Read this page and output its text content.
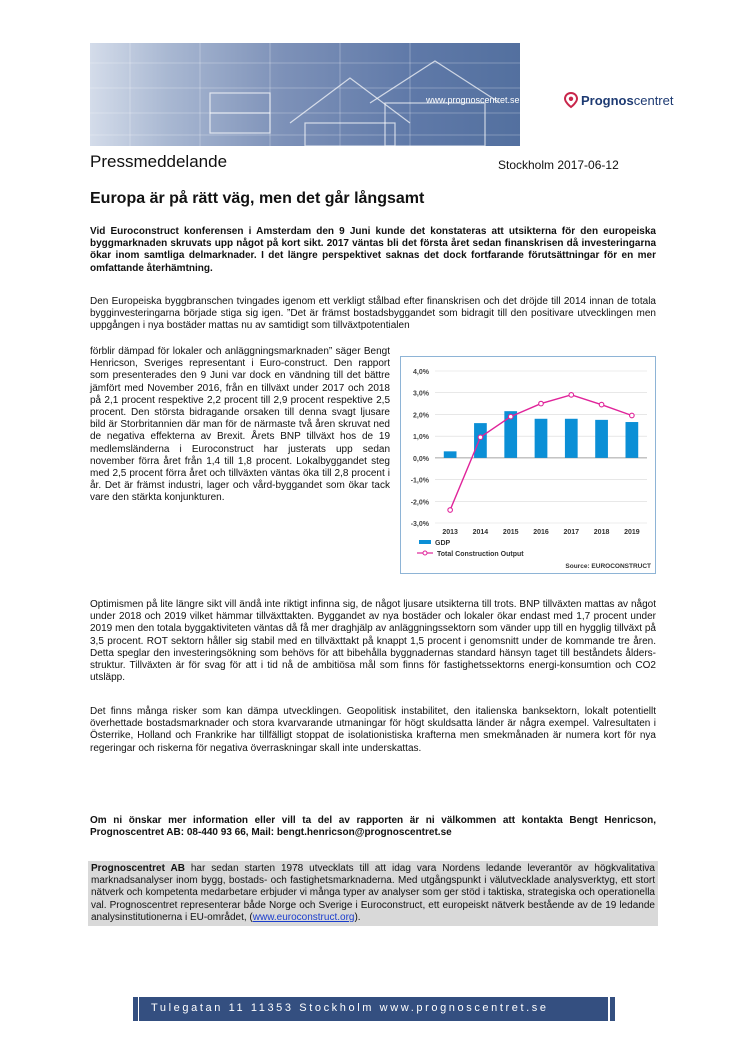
www.prognoscentret.se	Prognoscentret
Pressmeddelande	Stockholm 2017-06-12
Europa är på rätt väg, men det går långsamt

Vid Euroconstruct konferensen i Amsterdam den 9 Juni kunde det konstateras att utsikterna för den europeiska byggmarknaden skruvats upp något på kort sikt. 2017 väntas bli det första året sedan finanskrisen då investeringarna ökar inom samtliga delmarknader. I det längre perspektivet saknas det dock fortfarande förutsättningar för en mer omfattande återhämtning.

Den Europeiska byggbranschen tvingades igenom ett verkligt stålbad efter finanskrisen och det dröjde till 2014 innan de totala bygginvesteringarna började stiga sig igen. ”Det är främst bostadsbyggandet som bidragit till den positivare utvecklingen men uppgången i nya bostäder mattas nu av samtidigt som tillväxtpotentialen

förblir dämpad för lokaler och anläggningsmarknaden” säger Bengt Henricson, Sveriges representant i Euro-construct. Den rapport som presenterades den 9 Juni var dock en vändning till det bättre jämfört med November 2016, från en tillväxt under 2017 och 2018 på 2,1 procent respektive 2,2 procent till 2,9 procent respektive 2,5 procent. Den största bidragande orsaken till denna svagt ljusare bild är Storbritannien där man för de närmaste två åren skruvat ned de negativa effekterna av Brexit. Årets BNP tillväxt hos de 19 medlemsländerna i Euroconstruct har justerats upp sedan november förra året från 1,4 till 1,8 procent. Lokalbyggandet steg med 2,5 procent förra året och tillväxten väntas öka till 2,8 procent i år. Det är främst industri, lager och vård-byggandet som ökar tack vare den stärkta konjunkturen.

Optimismen på lite längre sikt vill ändå inte riktigt infinna sig, de något ljusare utsikterna till trots. BNP tillväxten mattas av något under 2018 och 2019 vilket hämmar tillväxttakten. Byggandet av nya bostäder och lokaler ökar endast med 1,7 procent under 2019 men den totala byggaktiviteten väntas då få mer draghjälp av anläggningssektorn som vänder upp till en hygglig tillväxt på 3,5 procent. ROT sektorn håller sig stabil med en tillväxttakt på knappt 1,5 procent i genomsnitt under de kommande tre åren. Detta speglar den investeringsökning som behövs för att bibehålla byggnadernas standard hänsyn taget till beståndets ålders-struktur. Tillväxten är för svag för att i tid nå de ambitiösa mål som finns för fastighetssektorns energi-konsumtion och CO2 utsläpp.

Det finns många risker som kan dämpa utvecklingen. Geopolitisk instabilitet, den italienska banksektorn, lokalt potentiellt överhettade bostadsmarknader och stora kvarvarande utmaningar för högt skuldsatta länder är några exempel. Valresultaten i Österrike, Holland och Frankrike har tillfälligt stoppat de isolationistiska krafterna men smekmånaden är numera kort för nya regeringar och riskerna för negativa överraskningar skall inte underskattas.

Om ni önskar mer information eller vill ta del av rapporten är ni välkommen att kontakta Bengt Henricson, Prognoscentret AB: 08-440 93 66, Mail: bengt.henricson@prognoscentret.se

Prognoscentret AB har sedan starten 1978 utvecklats till att idag vara Nordens ledande leverantör av högkvalitativa marknadsanalyser inom bygg, bostads- och fastighetsmarknaderna. Med utgångspunkt i välutvecklade analysverktyg, ett stort nätverk och kompetenta medarbetare erbjuder vi många typer av analyser som ger stöd i taktiska, strategiska och operationella val. Prognoscentret representerar både Norge och Sverige i Euroconstruct, ett europeiskt nätverk bestående av de 19 ledande analysinstitutionerna i EU-området, (www.euroconstruct.org).

4,0%
3,0%
2,0%
1,0%
0,0%
-1,0%
-2,0%
-3,0%
2013 2014 2015 2016 2017 2018 2019
GDP
Total Construction Output
Source: EUROCONSTRUCT
Tulegatan 11 11353 Stockholm www.prognoscentret.se
